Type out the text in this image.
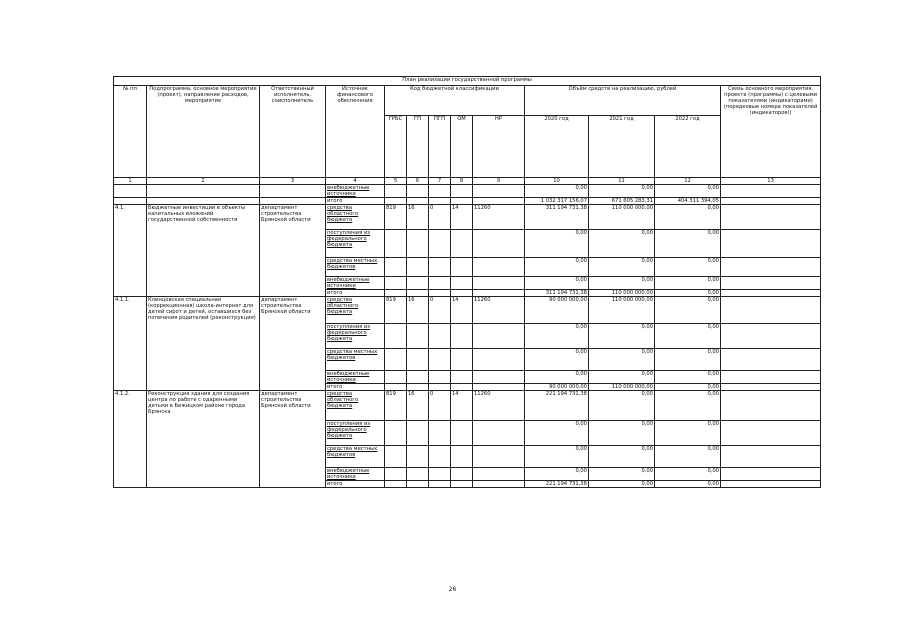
План реализации государственной программы												
№ пп	Подпрограмма, основное мероприятие (проект), направление расходов, мероприятие	Ответственный исполнитель, соисполнитель	Источник финансового обеспечения	Код бюджетной классификации					Объём средств на реализацию, рублей			Связь основного мероприятия, проекта (программы) с целевыми показателями (индикаторами) (порядковые номера показателей (индикаторов))
				ГРБС	ГП	ПГП	ОМ	НР	2020 год	2021 год	2022 год	
1	2	3	4	5	6	7	8	9	10	11	12	13
			внебюджетные источники						0,00	0,00	0,00	
			итого						1 032 317 156,07	671 605 283,31	404 311 394,05	
4.1.	Бюджетные инвестиции в объекты капитальных вложений государственной собственности	департамент строительства Брянской области	средства областного бюджета	819	16	0	14	11260	311 194 731,38	110 000 000,00	0,00	
			поступления из федерального бюджета						0,00	0,00	0,00	
			средства местных бюджетов						0,00	0,00	0,00	
			внебюджетные источники						0,00	0,00	0,00	
			итого						311 194 731,38	110 000 000,00	0,00	
4.1.1.	Клинцовская специальная (коррекционная) школа-интернат для детей сирот и детей, оставшихся без попечения родителей (реконструкция)	департамент строительства Брянской области	средства областного бюджета	819	16	0	14	11260	90 000 000,00	110 000 000,00	0,00	
			поступления из федерального бюджета						0,00	0,00	0,00	
			средства местных бюджетов						0,00	0,00	0,00	
			внебюджетные источники						0,00	0,00	0,00	
			итого						90 000 000,00	110 000 000,00	0,00	
4.1.2.	Реконструкция здания для создания центра по работе с одаренными детьми в Бежицком районе города Брянска	департамент строительства Брянской области	средства областного бюджета	819	16	0	14	11260	221 194 731,38	0,00	0,00	
			поступления из федерального бюджета						0,00	0,00	0,00	
			средства местных бюджетов						0,00	0,00	0,00	
			внебюджетные источники						0,00	0,00	0,00	
			итого						221 194 731,38	0,00	0,00	
26
